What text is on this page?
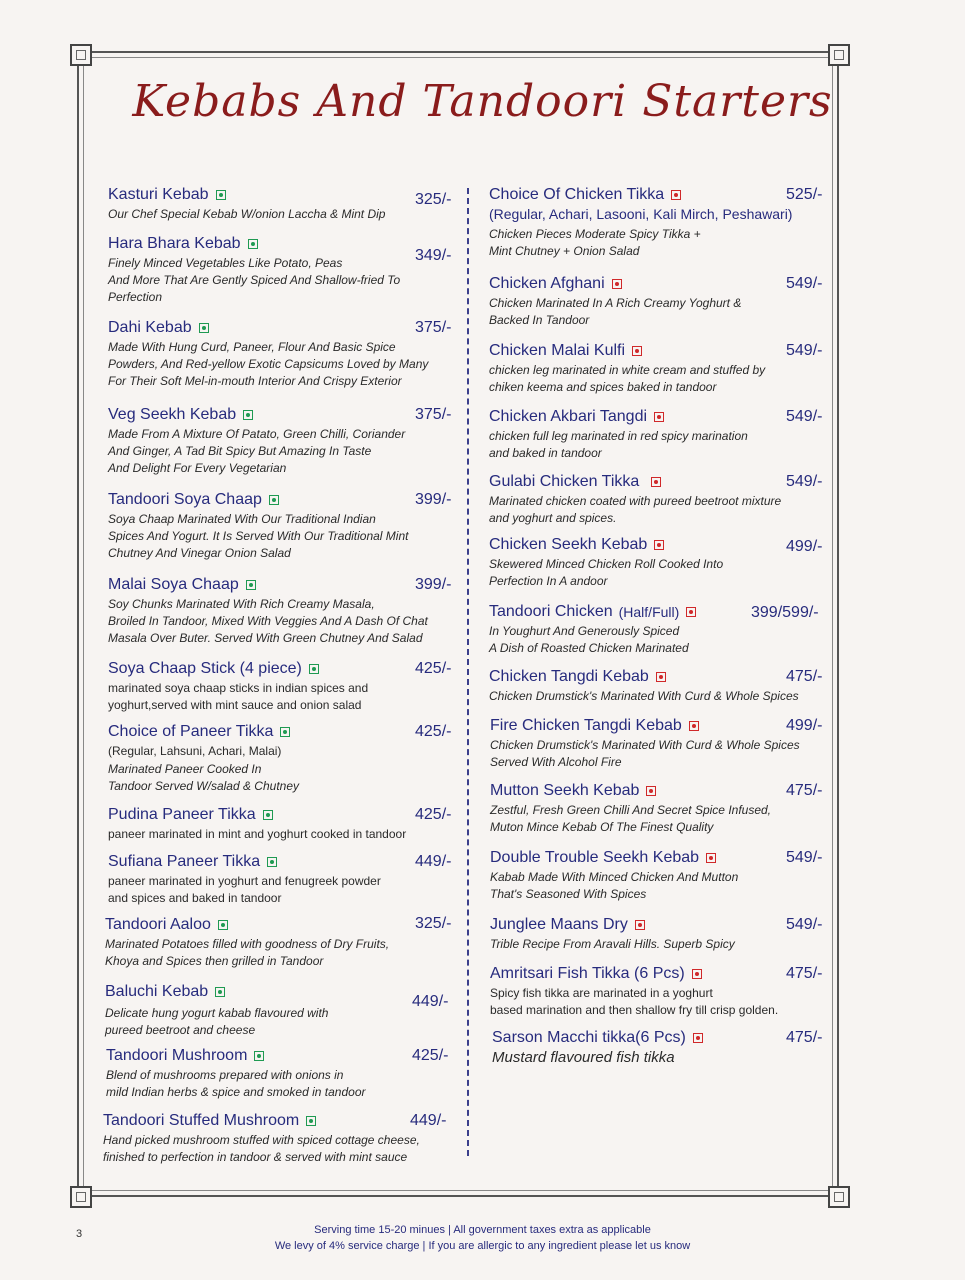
Kebabs And Tandoori Starters
Kasturi Kebab
Our Chef Special Kebab W/onion Laccha & Mint Dip
325/-
Hara Bhara Kebab
Finely Minced Vegetables Like Potato, Peas
And More That Are Gently Spiced And Shallow-fried To
Perfection
349/-
Dahi Kebab
Made With Hung Curd, Paneer, Flour And Basic Spice
Powders, And Red-yellow Exotic Capsicums Loved by Many
For Their Soft Mel-in-mouth Interior And Crispy Exterior
375/-
Veg Seekh Kebab
Made From A Mixture Of Patato, Green Chilli, Coriander
And Ginger, A Tad Bit Spicy But Amazing In Taste
And Delight For Every Vegetarian
375/-
Tandoori Soya Chaap
Soya Chaap Marinated With Our Traditional Indian
Spices And Yogurt. It Is Served With Our Traditional Mint
Chutney And Vinegar Onion Salad
399/-
Malai Soya Chaap
Soy Chunks Marinated With Rich Creamy Masala,
Broiled In Tandoor, Mixed With Veggies And A Dash Of Chat
Masala Over Buter. Served With Green Chutney And Salad
399/-
Soya Chaap Stick (4 piece)
marinated soya chaap sticks in indian spices and
yoghurt,served with mint sauce and onion salad
425/-
Choice of Paneer Tikka
(Regular, Lahsuni, Achari, Malai)
Marinated Paneer Cooked In
Tandoor Served W/salad & Chutney
425/-
Pudina Paneer Tikka
paneer marinated in mint and yoghurt cooked in tandoor
425/-
Sufiana Paneer Tikka
paneer marinated in yoghurt and fenugreek powder
and spices and baked in tandoor
449/-
Tandoori Aaloo
Marinated Potatoes filled with goodness of Dry Fruits,
Khoya and Spices then grilled in Tandoor
325/-
Baluchi Kebab
Delicate hung yogurt kabab flavoured with
pureed beetroot and cheese
449/-
Tandoori Mushroom
Blend of mushrooms prepared with onions in
mild Indian herbs & spice and smoked in tandoor
425/-
Tandoori Stuffed Mushroom
Hand picked mushroom stuffed with spiced cottage cheese,
finished to perfection in tandoor & served with mint sauce
449/-
Choice Of Chicken Tikka
(Regular, Achari, Lasooni, Kali Mirch, Peshawari)
Chicken Pieces Moderate Spicy Tikka +
Mint Chutney + Onion Salad
525/-
Chicken Afghani
Chicken Marinated In A Rich Creamy Yoghurt &
Backed In Tandoor
549/-
Chicken Malai Kulfi
chicken leg marinated in white cream and stuffed by
chiken keema and spices baked in tandoor
549/-
Chicken Akbari Tangdi
chicken full leg marinated in red spicy marination
and baked in tandoor
549/-
Gulabi Chicken Tikka
Marinated chicken coated with pureed beetroot mixture
and yoghurt and spices.
549/-
Chicken Seekh Kebab
Skewered Minced Chicken Roll Cooked Into
Perfection In A andoor
499/-
Tandoori Chicken (Half/Full)
In Youghurt And Generously Spiced
A Dish of Roasted Chicken Marinated
399/599/-
Chicken Tangdi Kebab
Chicken Drumstick's Marinated With Curd & Whole Spices
475/-
Fire Chicken Tangdi Kebab
Chicken Drumstick's Marinated With Curd & Whole Spices
Served With Alcohol Fire
499/-
Mutton Seekh Kebab
Zestful, Fresh Green Chilli And Secret Spice Infused,
Muton Mince Kebab Of The Finest Quality
475/-
Double Trouble Seekh Kebab
Kabab Made With Minced Chicken And Mutton
That's Seasoned With Spices
549/-
Junglee Maans Dry
Trible Recipe From Aravali Hills. Superb Spicy
549/-
Amritsari Fish Tikka (6 Pcs)
Spicy fish tikka are marinated in a yoghurt
based marination and then shallow fry till crisp golden.
475/-
Sarson Macchi tikka(6 Pcs)
Mustard flavoured fish tikka
475/-
3	Serving time 15-20 minues | All government taxes extra as applicable
We levy of 4% service charge | If you are allergic to any ingredient please let us know
